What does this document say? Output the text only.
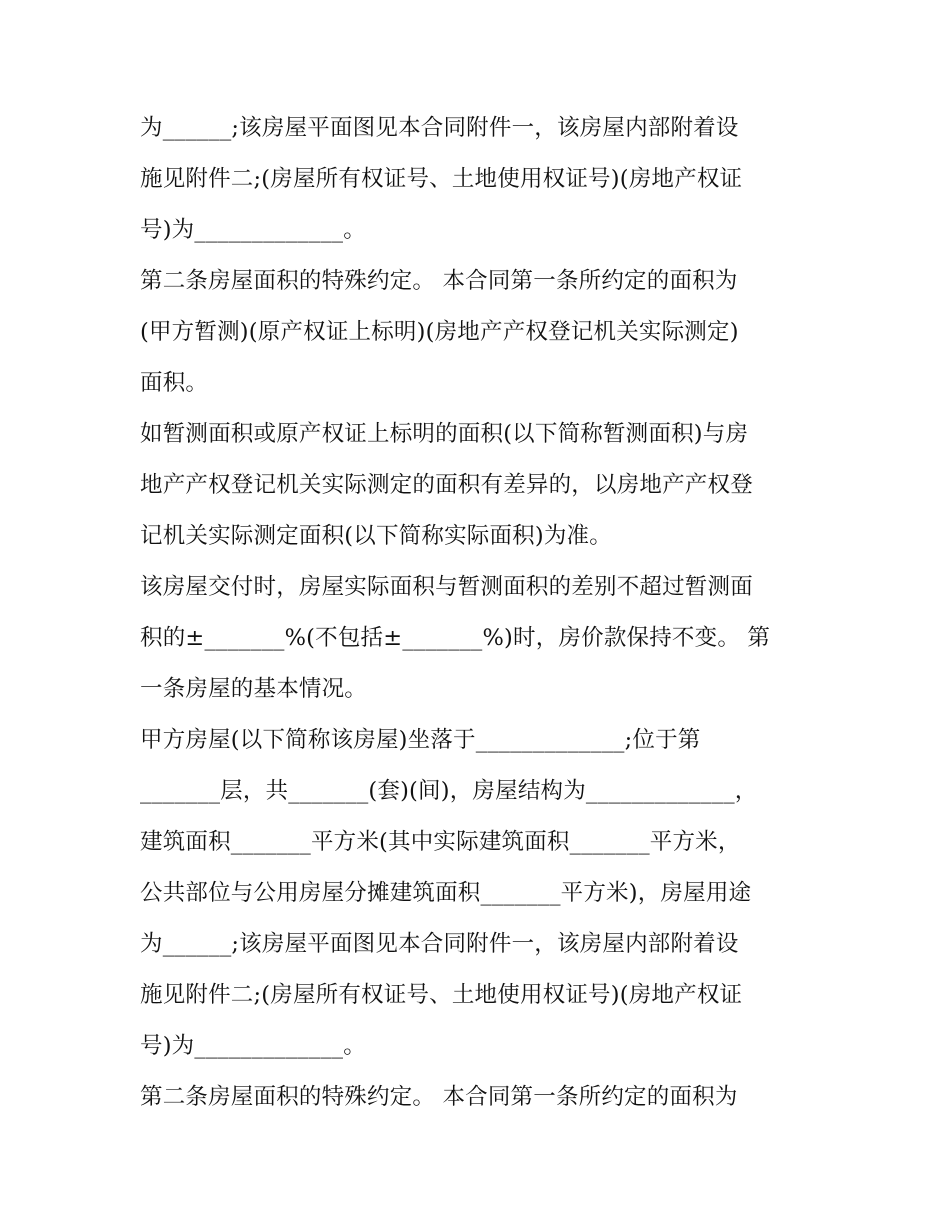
为______;该房屋平面图见本合同附件一，该房屋内部附着设
施见附件二;(房屋所有权证号、土地使用权证号)(房地产权证
号)为_____________。
第二条房屋面积的特殊约定。 本合同第一条所约定的面积为
(甲方暂测)(原产权证上标明)(房地产产权登记机关实际测定)
面积。
如暂测面积或原产权证上标明的面积(以下简称暂测面积)与房
地产产权登记机关实际测定的面积有差异的，以房地产产权登
记机关实际测定面积(以下简称实际面积)为准。
该房屋交付时，房屋实际面积与暂测面积的差别不超过暂测面
积的±_______%(不包括±_______%)时，房价款保持不变。 第
一条房屋的基本情况。
甲方房屋(以下简称该房屋)坐落于_____________;位于第
_______层，共_______(套)(间)，房屋结构为_____________，
建筑面积_______平方米(其中实际建筑面积_______平方米，
公共部位与公用房屋分摊建筑面积_______平方米)，房屋用途
为______;该房屋平面图见本合同附件一，该房屋内部附着设
施见附件二;(房屋所有权证号、土地使用权证号)(房地产权证
号)为_____________。
第二条房屋面积的特殊约定。 本合同第一条所约定的面积为
